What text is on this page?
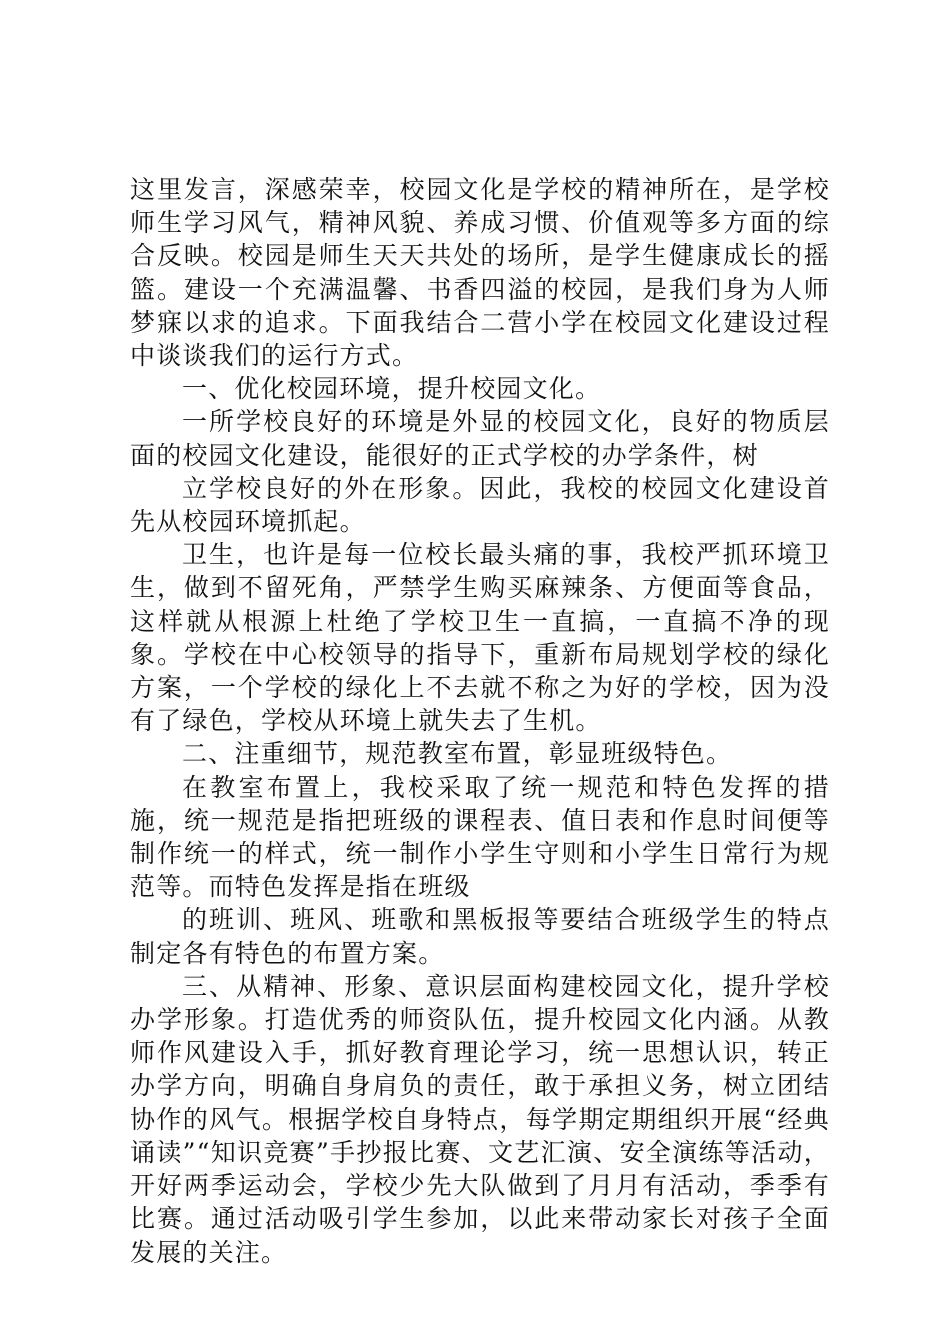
这里发言，深感荣幸，校园文化是学校的精神所在，是学校师生学习风气，精神风貌、养成习惯、价值观等多方面的综合反映。校园是师生天天共处的场所，是学生健康成长的摇篮。建设一个充满温馨、书香四溢的校园，是我们身为人师梦寐以求的追求。下面我结合二营小学在校园文化建设过程中谈谈我们的运行方式。

一、优化校园环境，提升校园文化。

一所学校良好的环境是外显的校园文化，良好的物质层面的校园文化建设，能很好的正式学校的办学条件，树

立学校良好的外在形象。因此，我校的校园文化建设首先从校园环境抓起。

卫生，也许是每一位校长最头痛的事，我校严抓环境卫生，做到不留死角，严禁学生购买麻辣条、方便面等食品，这样就从根源上杜绝了学校卫生一直搞，一直搞不净的现象。学校在中心校领导的指导下，重新布局规划学校的绿化方案，一个学校的绿化上不去就不称之为好的学校，因为没有了绿色，学校从环境上就失去了生机。

二、注重细节，规范教室布置，彰显班级特色。

在教室布置上，我校采取了统一规范和特色发挥的措施，统一规范是指把班级的课程表、值日表和作息时间便等制作统一的样式，统一制作小学生守则和小学生日常行为规范等。而特色发挥是指在班级

的班训、班风、班歌和黑板报等要结合班级学生的特点制定各有特色的布置方案。

三、从精神、形象、意识层面构建校园文化，提升学校办学形象。打造优秀的师资队伍，提升校园文化内涵。从教师作风建设入手，抓好教育理论学习，统一思想认识，转正办学方向，明确自身肩负的责任，敢于承担义务，树立团结协作的风气。根据学校自身特点，每学期定期组织开展“经典诵读”“知识竞赛”手抄报比赛、文艺汇演、安全演练等活动，开好两季运动会，学校少先大队做到了月月有活动，季季有比赛。通过活动吸引学生参加，以此来带动家长对孩子全面发展的关注。
